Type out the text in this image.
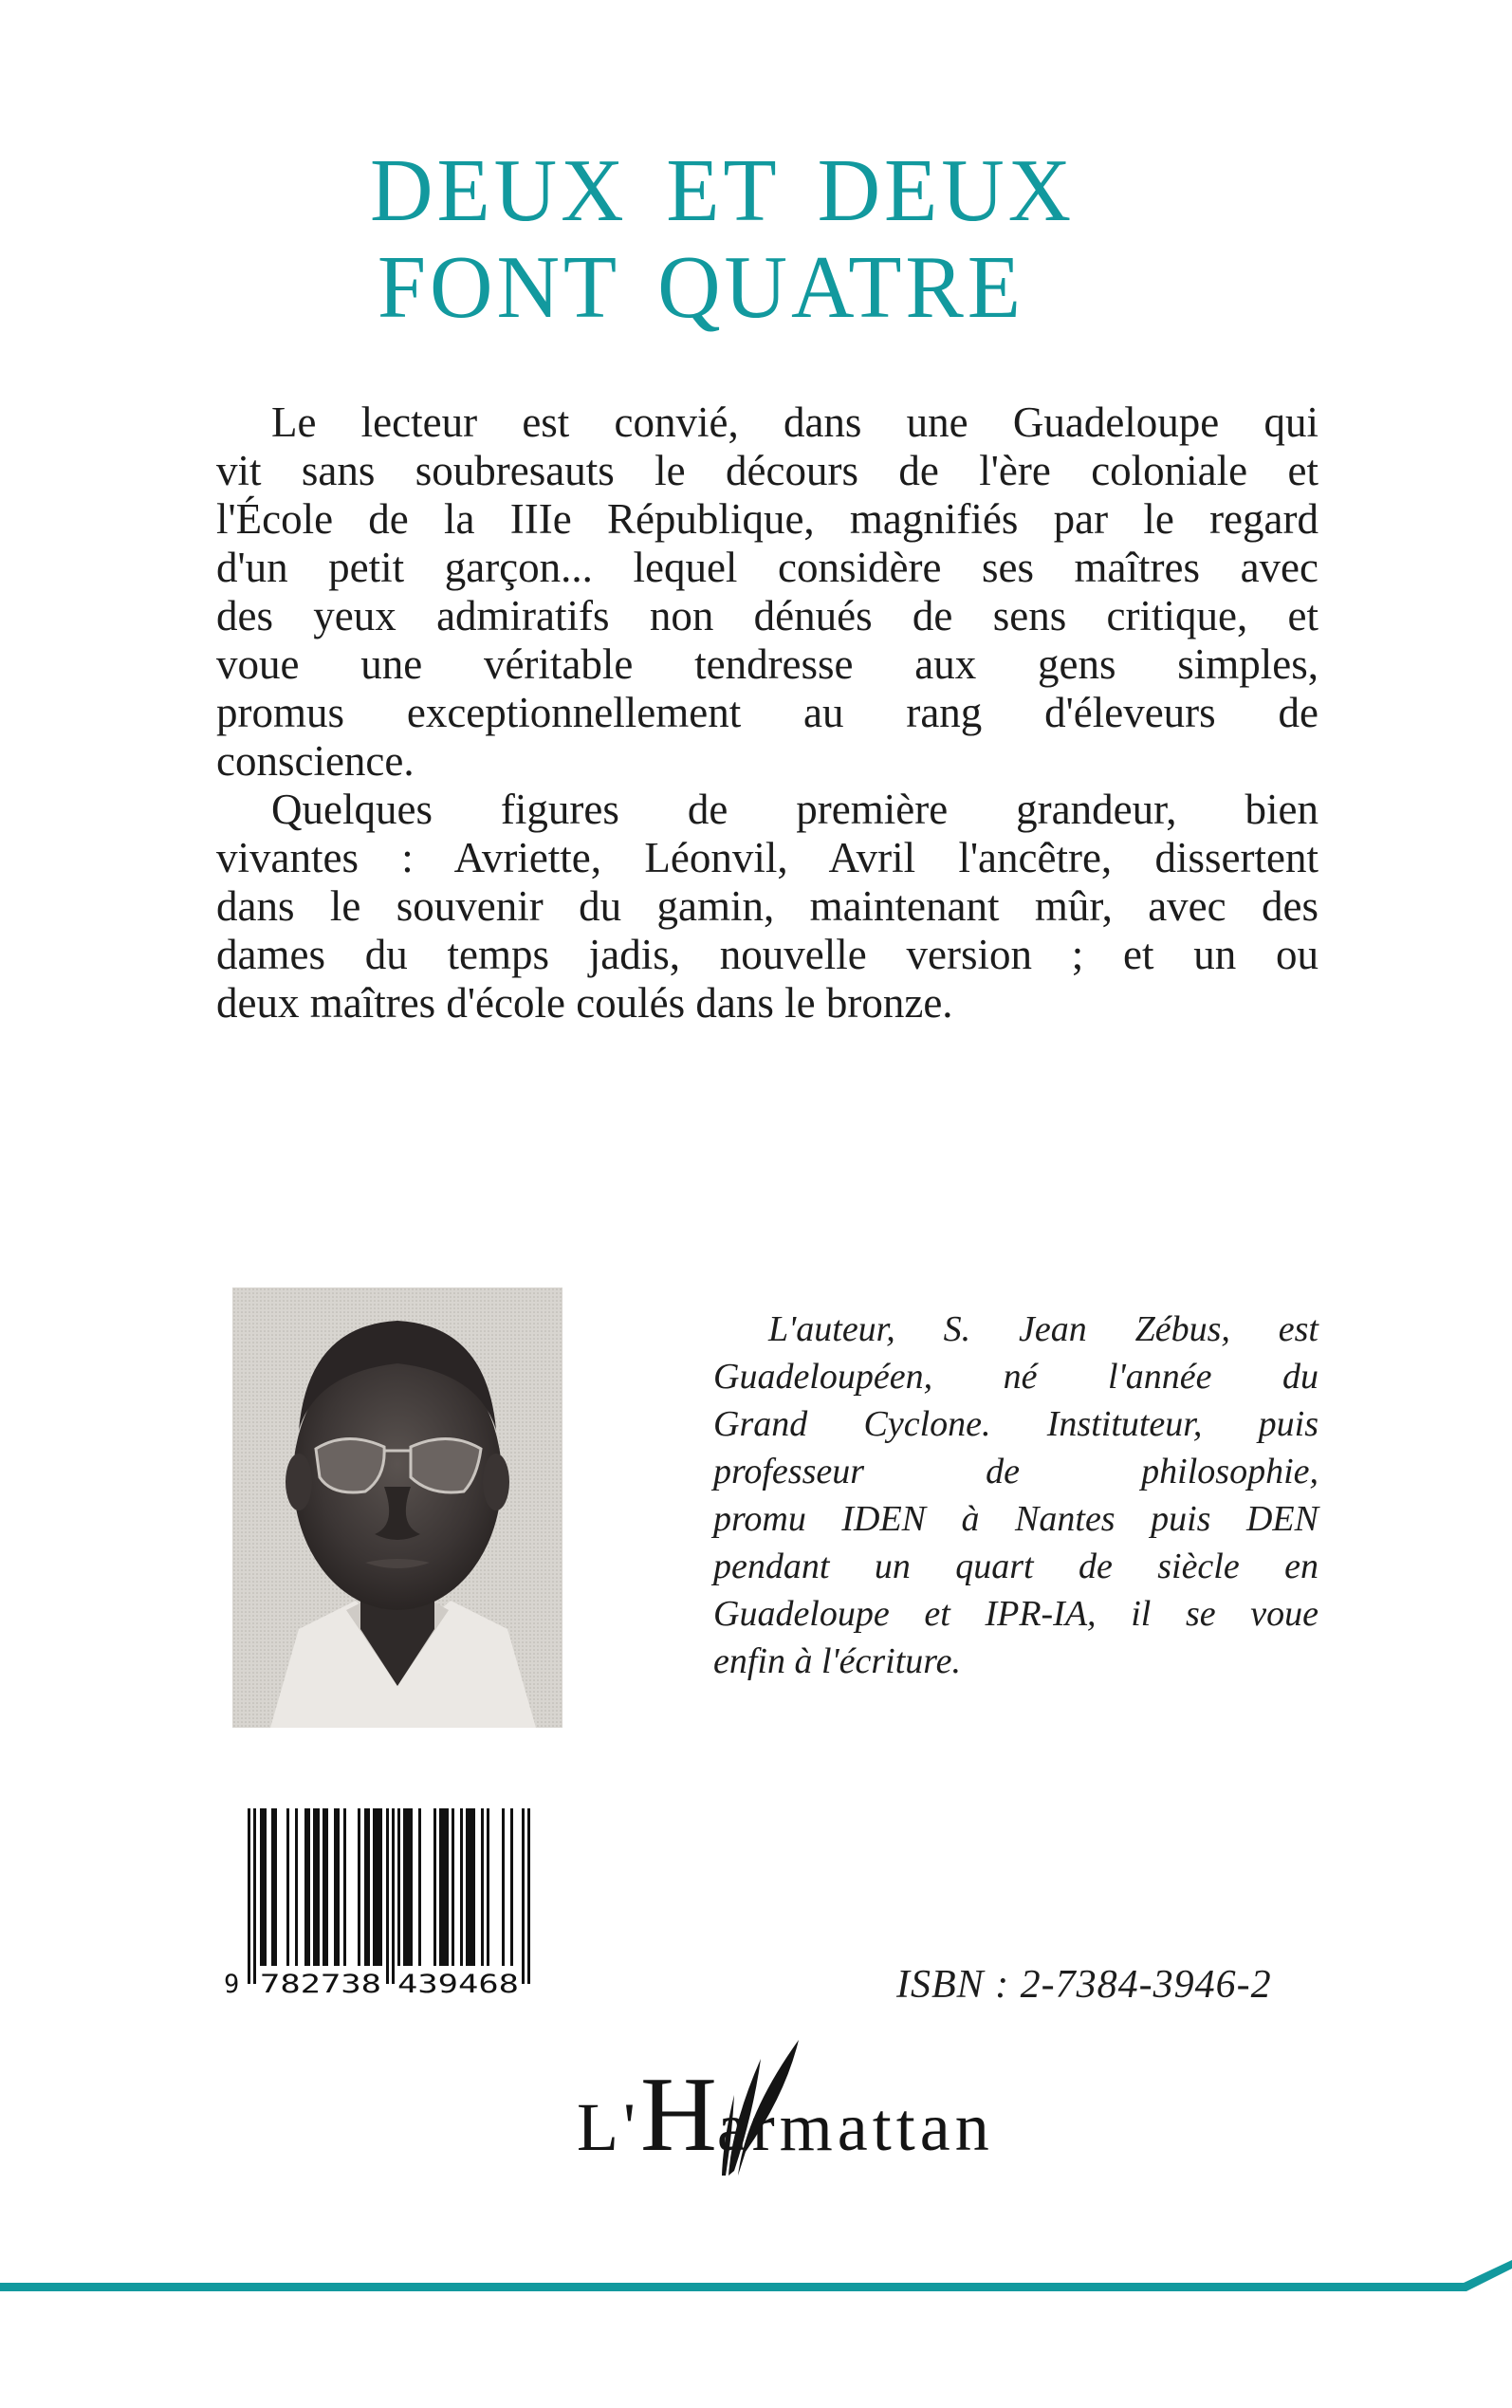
DEUX ET DEUX
FONT QUATRE
Le lecteur est convié, dans une Guadeloupe qui
vit sans soubresauts le décours de l'ère coloniale et
l'École de la IIIe République, magnifiés par le regard
d'un petit garçon... lequel considère ses maîtres avec
des yeux admiratifs non dénués de sens critique, et
voue une véritable tendresse aux gens simples,
promus exceptionnellement au rang d'éleveurs de
conscience.
Quelques figures de première grandeur, bien
vivantes : Avriette, Léonvil, Avril l'ancêtre, dissertent
dans le souvenir du gamin, maintenant mûr, avec des
dames du temps jadis, nouvelle version ; et un ou
deux maîtres d'école coulés dans le bronze.
L'auteur, S. Jean Zébus, est
Guadeloupéen, né l'année du
Grand Cyclone. Instituteur, puis
professeur de philosophie,
promu IDEN à Nantes puis DEN
pendant un quart de siècle en
Guadeloupe et IPR-IA, il se voue
enfin à l'écriture.
9 782738 439468	ISBN : 2-7384-3946-2
L'Harmattan
